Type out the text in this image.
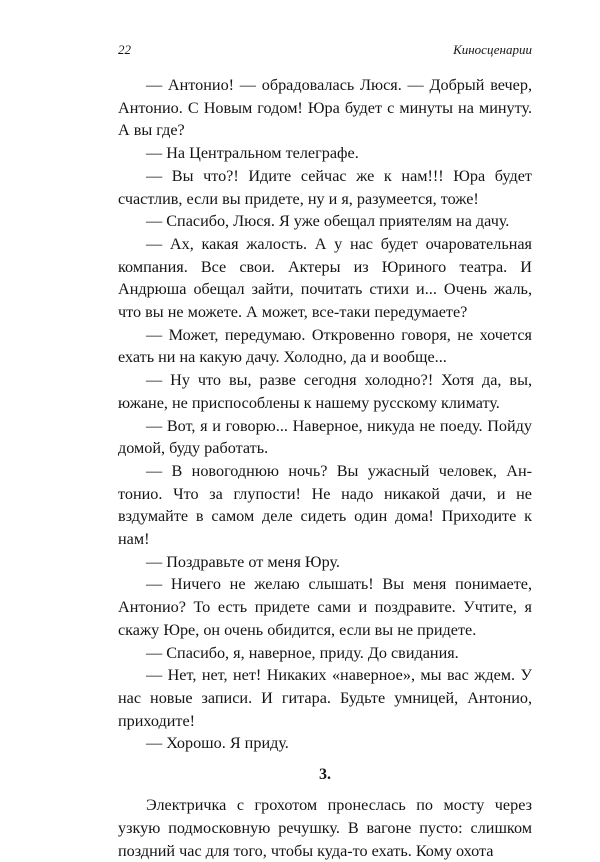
22	Киносценарии

— Антонио! — обрадовалась Люся. — Добрый вечер, Антонио. С Новым годом! Юра будет с минуты на минуту. А вы где?

— На Центральном телеграфе.

— Вы что?! Идите сейчас же к нам!!! Юра будет счастлив, если вы придете, ну и я, разумеется, тоже!

— Спасибо, Люся. Я уже обещал приятелям на дачу.

— Ах, какая жалость. А у нас будет очаровательная компания. Все свои. Актеры из Юриного театра. И Андрюша обещал зайти, почитать стихи и... Очень жаль, что вы не можете. А может, все-таки передумаете?

— Может, передумаю. Откровенно говоря, не хочется ехать ни на какую дачу. Холодно, да и вообще...

— Ну что вы, разве сегодня холодно?! Хотя да, вы, южане, не приспособлены к нашему русскому климату.

— Вот, я и говорю... Наверное, никуда не поеду. Пойду домой, буду работать.

— В новогоднюю ночь? Вы ужасный человек, Антонио. Что за глупости! Не надо никакой дачи, и не вздумайте в самом деле сидеть один дома! Приходите к нам!

— Поздравьте от меня Юру.

— Ничего не желаю слышать! Вы меня понимаете, Антонио? То есть придете сами и поздравите. Учтите, я скажу Юре, он очень обидится, если вы не придете.

— Спасибо, я, наверное, приду. До свидания.

— Нет, нет, нет! Никаких «наверное», мы вас ждем. У нас новые записи. И гитара. Будьте умницей, Антонио, приходите!

— Хорошо. Я приду.

3.

Электричка с грохотом пронеслась по мосту через узкую подмосковную речушку. В вагоне пусто: слишком поздний час для того, чтобы куда-то ехать. Кому охота
